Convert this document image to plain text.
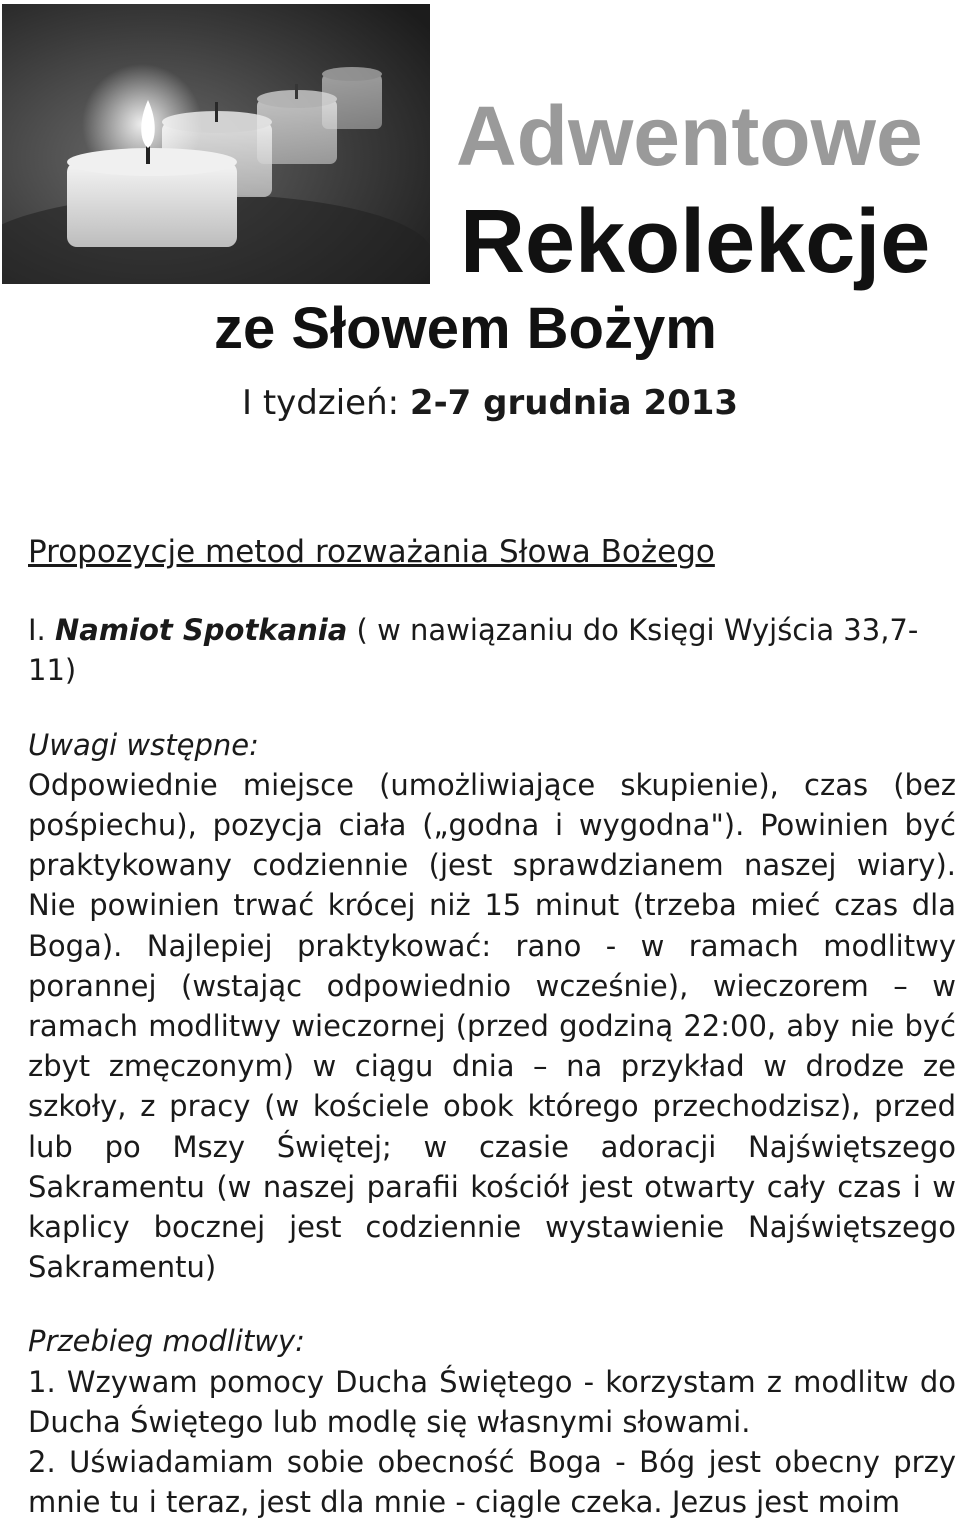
Adwentowe
Rekolekcje
ze Słowem Bożym
I tydzień: 2-7 grudnia 2013

Propozycje metod rozważania Słowa Bożego

I. Namiot Spotkania ( w nawiązaniu do Księgi Wyjścia 33,7-11)

Uwagi wstępne:

Odpowiednie miejsce (umożliwiające skupienie), czas (bez pośpiechu), pozycja ciała („godna i wygodna"). Powinien być praktykowany codziennie (jest sprawdzianem naszej wiary). Nie powinien trwać krócej niż 15 minut (trzeba mieć czas dla Boga). Najlepiej praktykować: rano - w ramach modlitwy porannej (wstając odpowiednio wcześnie), wieczorem – w ramach modlitwy wieczornej (przed godziną 22:00, aby nie być zbyt zmęczonym) w ciągu dnia – na przykład w drodze ze szkoły, z pracy (w kościele obok którego przechodzisz), przed lub po Mszy Świętej; w czasie adoracji Najświętszego Sakramentu (w naszej parafii kościół jest otwarty cały czas i w kaplicy bocznej jest codziennie wystawienie Najświętszego Sakramentu)

Przebieg modlitwy:

1. Wzywam pomocy Ducha Świętego - korzystam z modlitw do Ducha Świętego lub modlę się własnymi słowami.

2. Uświadamiam sobie obecność Boga - Bóg jest obecny przy mnie tu i teraz, jest dla mnie - ciągle czeka. Jezus jest moim
